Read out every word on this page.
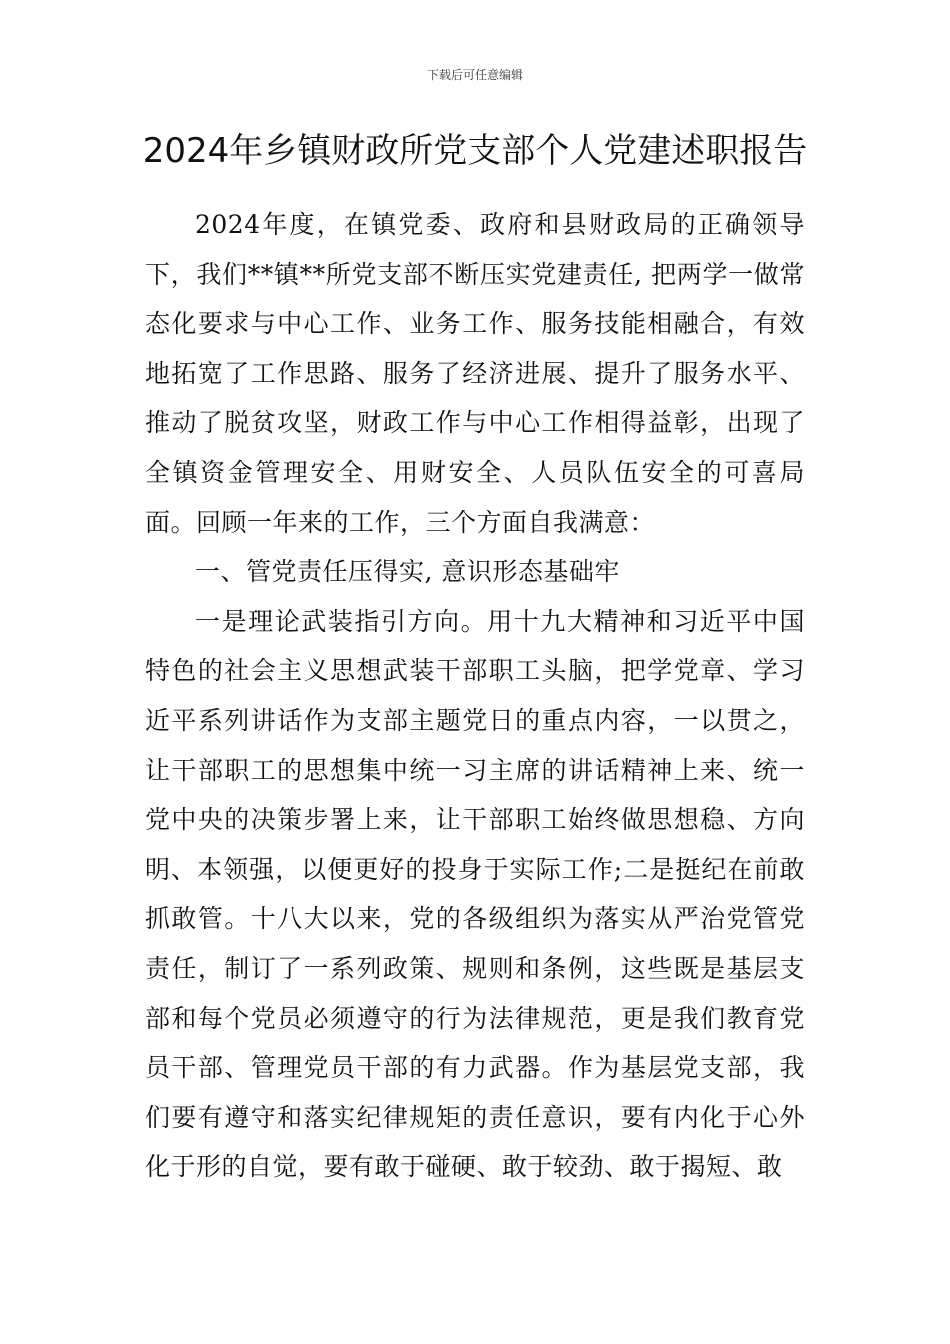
下载后可任意编辑
2024年乡镇财政所党支部个人党建述职报告

2024年度，在镇党委、政府和县财政局的正确领导下，我们**镇**所党支部不断压实党建责任, 把两学一做常态化要求与中心工作、业务工作、服务技能相融合，有效地拓宽了工作思路、服务了经济进展、提升了服务水平、推动了脱贫攻坚，财政工作与中心工作相得益彰，出现了全镇资金管理安全、用财安全、人员队伍安全的可喜局面。回顾一年来的工作，三个方面自我满意：

一、管党责任压得实, 意识形态基础牢

一是理论武装指引方向。用十九大精神和习近平中国特色的社会主义思想武装干部职工头脑，把学党章、学习近平系列讲话作为支部主题党日的重点内容，一以贯之，让干部职工的思想集中统一习主席的讲话精神上来、统一党中央的决策步署上来，让干部职工始终做思想稳、方向明、本领强，以便更好的投身于实际工作;二是挺纪在前敢抓敢管。十八大以来，党的各级组织为落实从严治党管党责任，制订了一系列政策、规则和条例，这些既是基层支部和每个党员必须遵守的行为法律规范，更是我们教育党员干部、管理党员干部的有力武器。作为基层党支部，我们要有遵守和落实纪律规矩的责任意识，要有内化于心外化于形的自觉，要有敢于碰硬、敢于较劲、敢于揭短、敢
